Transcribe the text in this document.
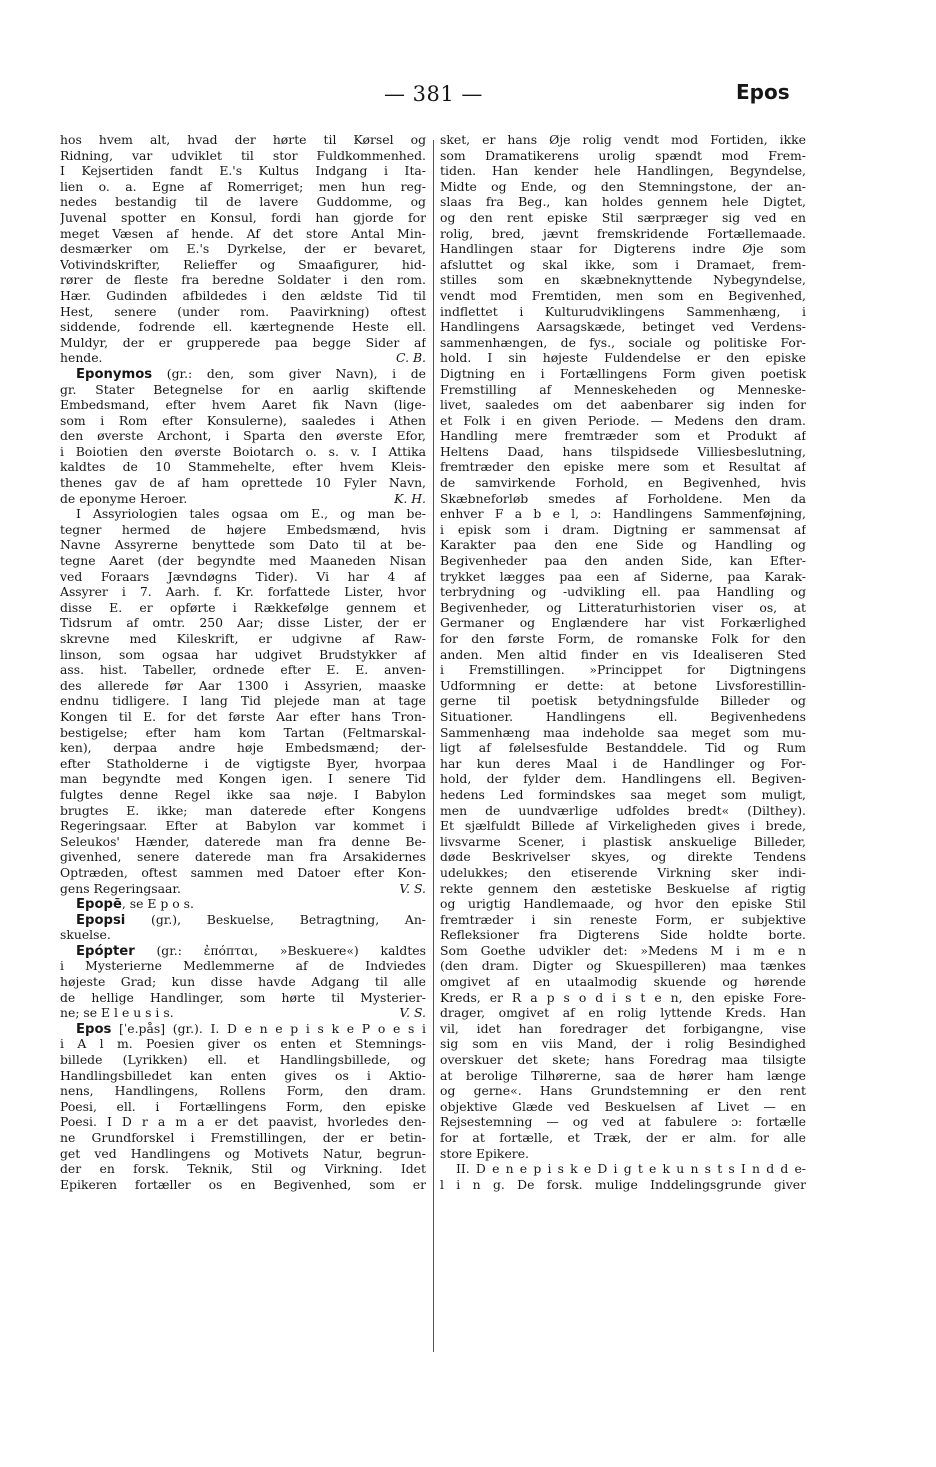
— 381 —	Epos
hos hvem alt, hvad der hørte til Kørsel og
Ridning, var udviklet til stor Fuldkommenhed.
I Kejsertiden fandt E.'s Kultus Indgang i Ita-
lien o. a. Egne af Romerriget; men hun reg-
nedes bestandig til de lavere Guddomme, og
Juvenal spotter en Konsul, fordi han gjorde for
meget Væsen af hende. Af det store Antal Min-
desmærker om E.'s Dyrkelse, der er bevaret,
Votivindskrifter, Relieffer og Smaafigurer, hid-
rører de fleste fra beredne Soldater i den rom.
Hær. Gudinden afbildedes i den ældste Tid til
Hest, senere (under rom. Paavirkning) oftest
siddende, fodrende ell. kærtegnende Heste ell.
Muldyr, der er grupperede paa begge Sider af
hende.	C. B.
Eponymos (gr.: den, som giver Navn), i de
gr. Stater Betegnelse for en aarlig skiftende
Embedsmand, efter hvem Aaret fik Navn (lige-
som i Rom efter Konsulerne), saaledes i Athen
den øverste Archont, i Sparta den øverste Efor,
i Boiotien den øverste Boiotarch o. s. v. I Attika
kaldtes de 10 Stammehelte, efter hvem Kleis-
thenes gav de af ham oprettede 10 Fyler Navn,
de eponyme Heroer.	K. H.
I Assyriologien tales ogsaa om E., og man be-
tegner hermed de højere Embedsmænd, hvis
Navne Assyrerne benyttede som Dato til at be-
tegne Aaret (der begyndte med Maaneden Nisan
ved Foraars Jævndøgns Tider). Vi har 4 af
Assyrer i 7. Aarh. f. Kr. forfattede Lister, hvor
disse E. er opførte i Rækkefølge gennem et
Tidsrum af omtr. 250 Aar; disse Lister, der er
skrevne med Kileskrift, er udgivne af Raw-
linson, som ogsaa har udgivet Brudstykker af
ass. hist. Tabeller, ordnede efter E. E. anven-
des allerede før Aar 1300 i Assyrien, maaske
endnu tidligere. I lang Tid plejede man at tage
Kongen til E. for det første Aar efter hans Tron-
bestigelse; efter ham kom Tartan (Feltmarskal-
ken), derpaa andre høje Embedsmænd; der-
efter Statholderne i de vigtigste Byer, hvorpaa
man begyndte med Kongen igen. I senere Tid
fulgtes denne Regel ikke saa nøje. I Babylon
brugtes E. ikke; man daterede efter Kongens
Regeringsaar. Efter at Babylon var kommet i
Seleukos' Hænder, daterede man fra denne Be-
givenhed, senere daterede man fra Arsakidernes
Optræden, oftest sammen med Datoer efter Kon-
gens Regeringsaar.	V. S.
Epopē, se E p o s.
Epopsi (gr.), Beskuelse, Betragtning, An-
skuelse.
Epópter (gr.: ἐπόπται, »Beskuere«) kaldtes
i Mysterierne Medlemmerne af de Indviedes
højeste Grad; kun disse havde Adgang til alle
de hellige Handlinger, som hørte til Mysterier-
ne; se E l e u s i s.	V. S.
Epos [ˈe.pås] (gr.). I. D e n e p i s k e P o e s i
i A l m. Poesien giver os enten et Stemnings-
billede (Lyrikken) ell. et Handlingsbillede, og
Handlingsbilledet kan enten gives os i Aktio-
nens, Handlingens, Rollens Form, den dram.
Poesi, ell. i Fortællingens Form, den episke
Poesi. I D r a m a er det paavist, hvorledes den-
ne Grundforskel i Fremstillingen, der er betin-
get ved Handlingens og Motivets Natur, begrun-
der en forsk. Teknik, Stil og Virkning. Idet
Epikeren fortæller os en Begivenhed, som er
sket, er hans Øje rolig vendt mod Fortiden, ikke
som Dramatikerens urolig spændt mod Frem-
tiden. Han kender hele Handlingen, Begyndelse,
Midte og Ende, og den Stemningstone, der an-
slaas fra Beg., kan holdes gennem hele Digtet,
og den rent episke Stil særpræger sig ved en
rolig, bred, jævnt fremskridende Fortællemaade.
Handlingen staar for Digterens indre Øje som
afsluttet og skal ikke, som i Dramaet, frem-
stilles som en skæbneknyttende Nybegyndelse,
vendt mod Fremtiden, men som en Begivenhed,
indflettet i Kulturudviklingens Sammenhæng, i
Handlingens Aarsagskæde, betinget ved Verdens-
sammenhængen, de fys., sociale og politiske For-
hold. I sin højeste Fuldendelse er den episke
Digtning en i Fortællingens Form given poetisk
Fremstilling af Menneskeheden og Menneske-
livet, saaledes om det aabenbarer sig inden for
et Folk i en given Periode. — Medens den dram.
Handling mere fremtræder som et Produkt af
Heltens Daad, hans tilspidsede Villiesbeslutning,
fremtræder den episke mere som et Resultat af
de samvirkende Forhold, en Begivenhed, hvis
Skæbneforløb smedes af Forholdene. Men da
enhver F a b e l, ɔ: Handlingens Sammenføjning,
i episk som i dram. Digtning er sammensat af
Karakter paa den ene Side og Handling og
Begivenheder paa den anden Side, kan Efter-
trykket lægges paa een af Siderne, paa Karak-
terbrydning og -udvikling ell. paa Handling og
Begivenheder, og Litteraturhistorien viser os, at
Germaner og Englændere har vist Forkærlighed
for den første Form, de romanske Folk for den
anden. Men altid finder en vis Idealiseren Sted
i Fremstillingen. »Princippet for Digtningens
Udformning er dette: at betone Livsforestillin-
gerne til poetisk betydningsfulde Billeder og
Situationer. Handlingens ell. Begivenhedens
Sammenhæng maa indeholde saa meget som mu-
ligt af følelsesfulde Bestanddele. Tid og Rum
har kun deres Maal i de Handlinger og For-
hold, der fylder dem. Handlingens ell. Begiven-
hedens Led formindskes saa meget som muligt,
men de uundværlige udfoldes bredt« (Dilthey).
Et sjælfuldt Billede af Virkeligheden gives i brede,
livsvarme Scener, i plastisk anskuelige Billeder,
døde Beskrivelser skyes, og direkte Tendens
udelukkes; den etiserende Virkning sker indi-
rekte gennem den æstetiske Beskuelse af rigtig
og urigtig Handlemaade, og hvor den episke Stil
fremtræder i sin reneste Form, er subjektive
Refleksioner fra Digterens Side holdte borte.
Som Goethe udvikler det: »Medens M i m e n
(den dram. Digter og Skuespilleren) maa tænkes
omgivet af en utaalmodig skuende og hørende
Kreds, er R a p s o d i s t e n, den episke Fore-
drager, omgivet af en rolig lyttende Kreds. Han
vil, idet han foredrager det forbigangne, vise
sig som en viis Mand, der i rolig Besindighed
overskuer det skete; hans Foredrag maa tilsigte
at berolige Tilhørerne, saa de hører ham længe
og gerne«. Hans Grundstemning er den rent
objektive Glæde ved Beskuelsen af Livet — en
Rejsestemning — og ved at fabulere ɔ: fortælle
for at fortælle, et Træk, der er alm. for alle
store Epikere.
II. D e n e p i s k e D i g t e k u n s t s I n d d e-
l i n g. De forsk. mulige Inddelingsgrunde giver
